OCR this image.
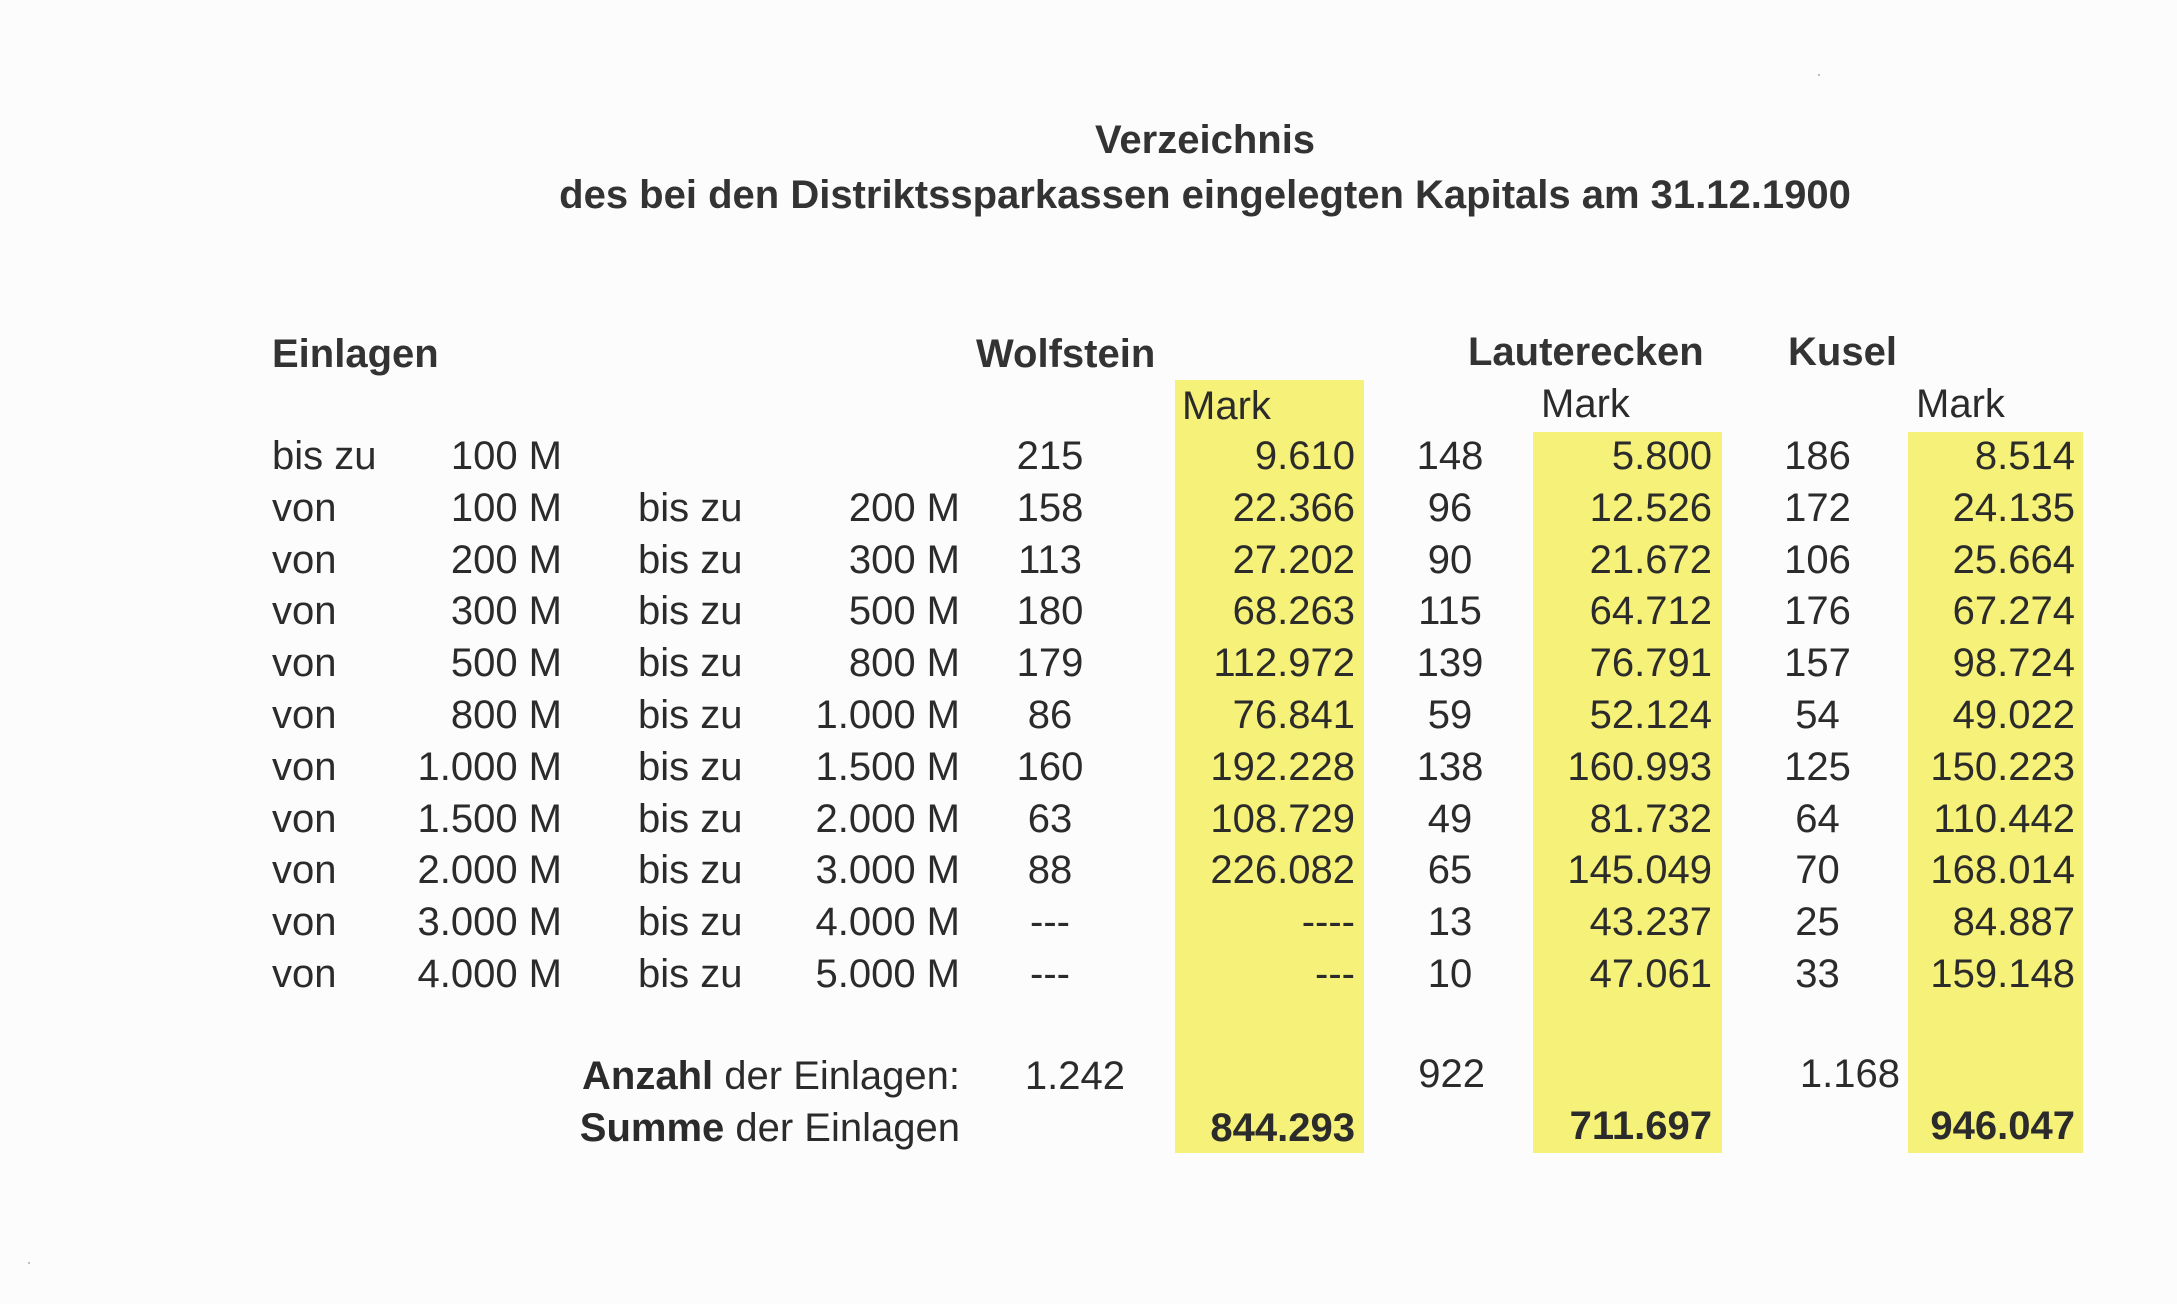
Verzeichnis
des bei den Distriktssparkassen eingelegten Kapitals am 31.12.1900
Einlagen	Wolfstein	Lauterecken Kusel
Mark	Mark	Mark
bis zu	100 M	215	9.610	148	5.800	186	8.514
von	100 M bis zu	200 M	158	22.366	96	12.526	172	24.135
von	200 M bis zu	300 M	113	27.202	90	21.672	106	25.664
von	300 M bis zu	500 M	180	68.263	115	64.712	176	67.274
von	500 M bis zu	800 M	179	112.972	139	76.791	157	98.724
von	800 M bis zu	1.000 M	86	76.841	59	52.124	54	49.022
von	1.000 M bis zu	1.500 M	160	192.228	138	160.993	125	150.223
von	1.500 M bis zu	2.000 M	63	108.729	49	81.732	64	110.442
von	2.000 M bis zu	3.000 M	88	226.082	65	145.049	70	168.014
von	3.000 M bis zu	4.000 M	---	----	13	43.237	25	84.887
von	4.000 M bis zu	5.000 M	---	---	10	47.061	33	159.148
Anzahl der Einlagen:	1.242	922	1.168
Summe der Einlagen	844.293	711.697	946.047
